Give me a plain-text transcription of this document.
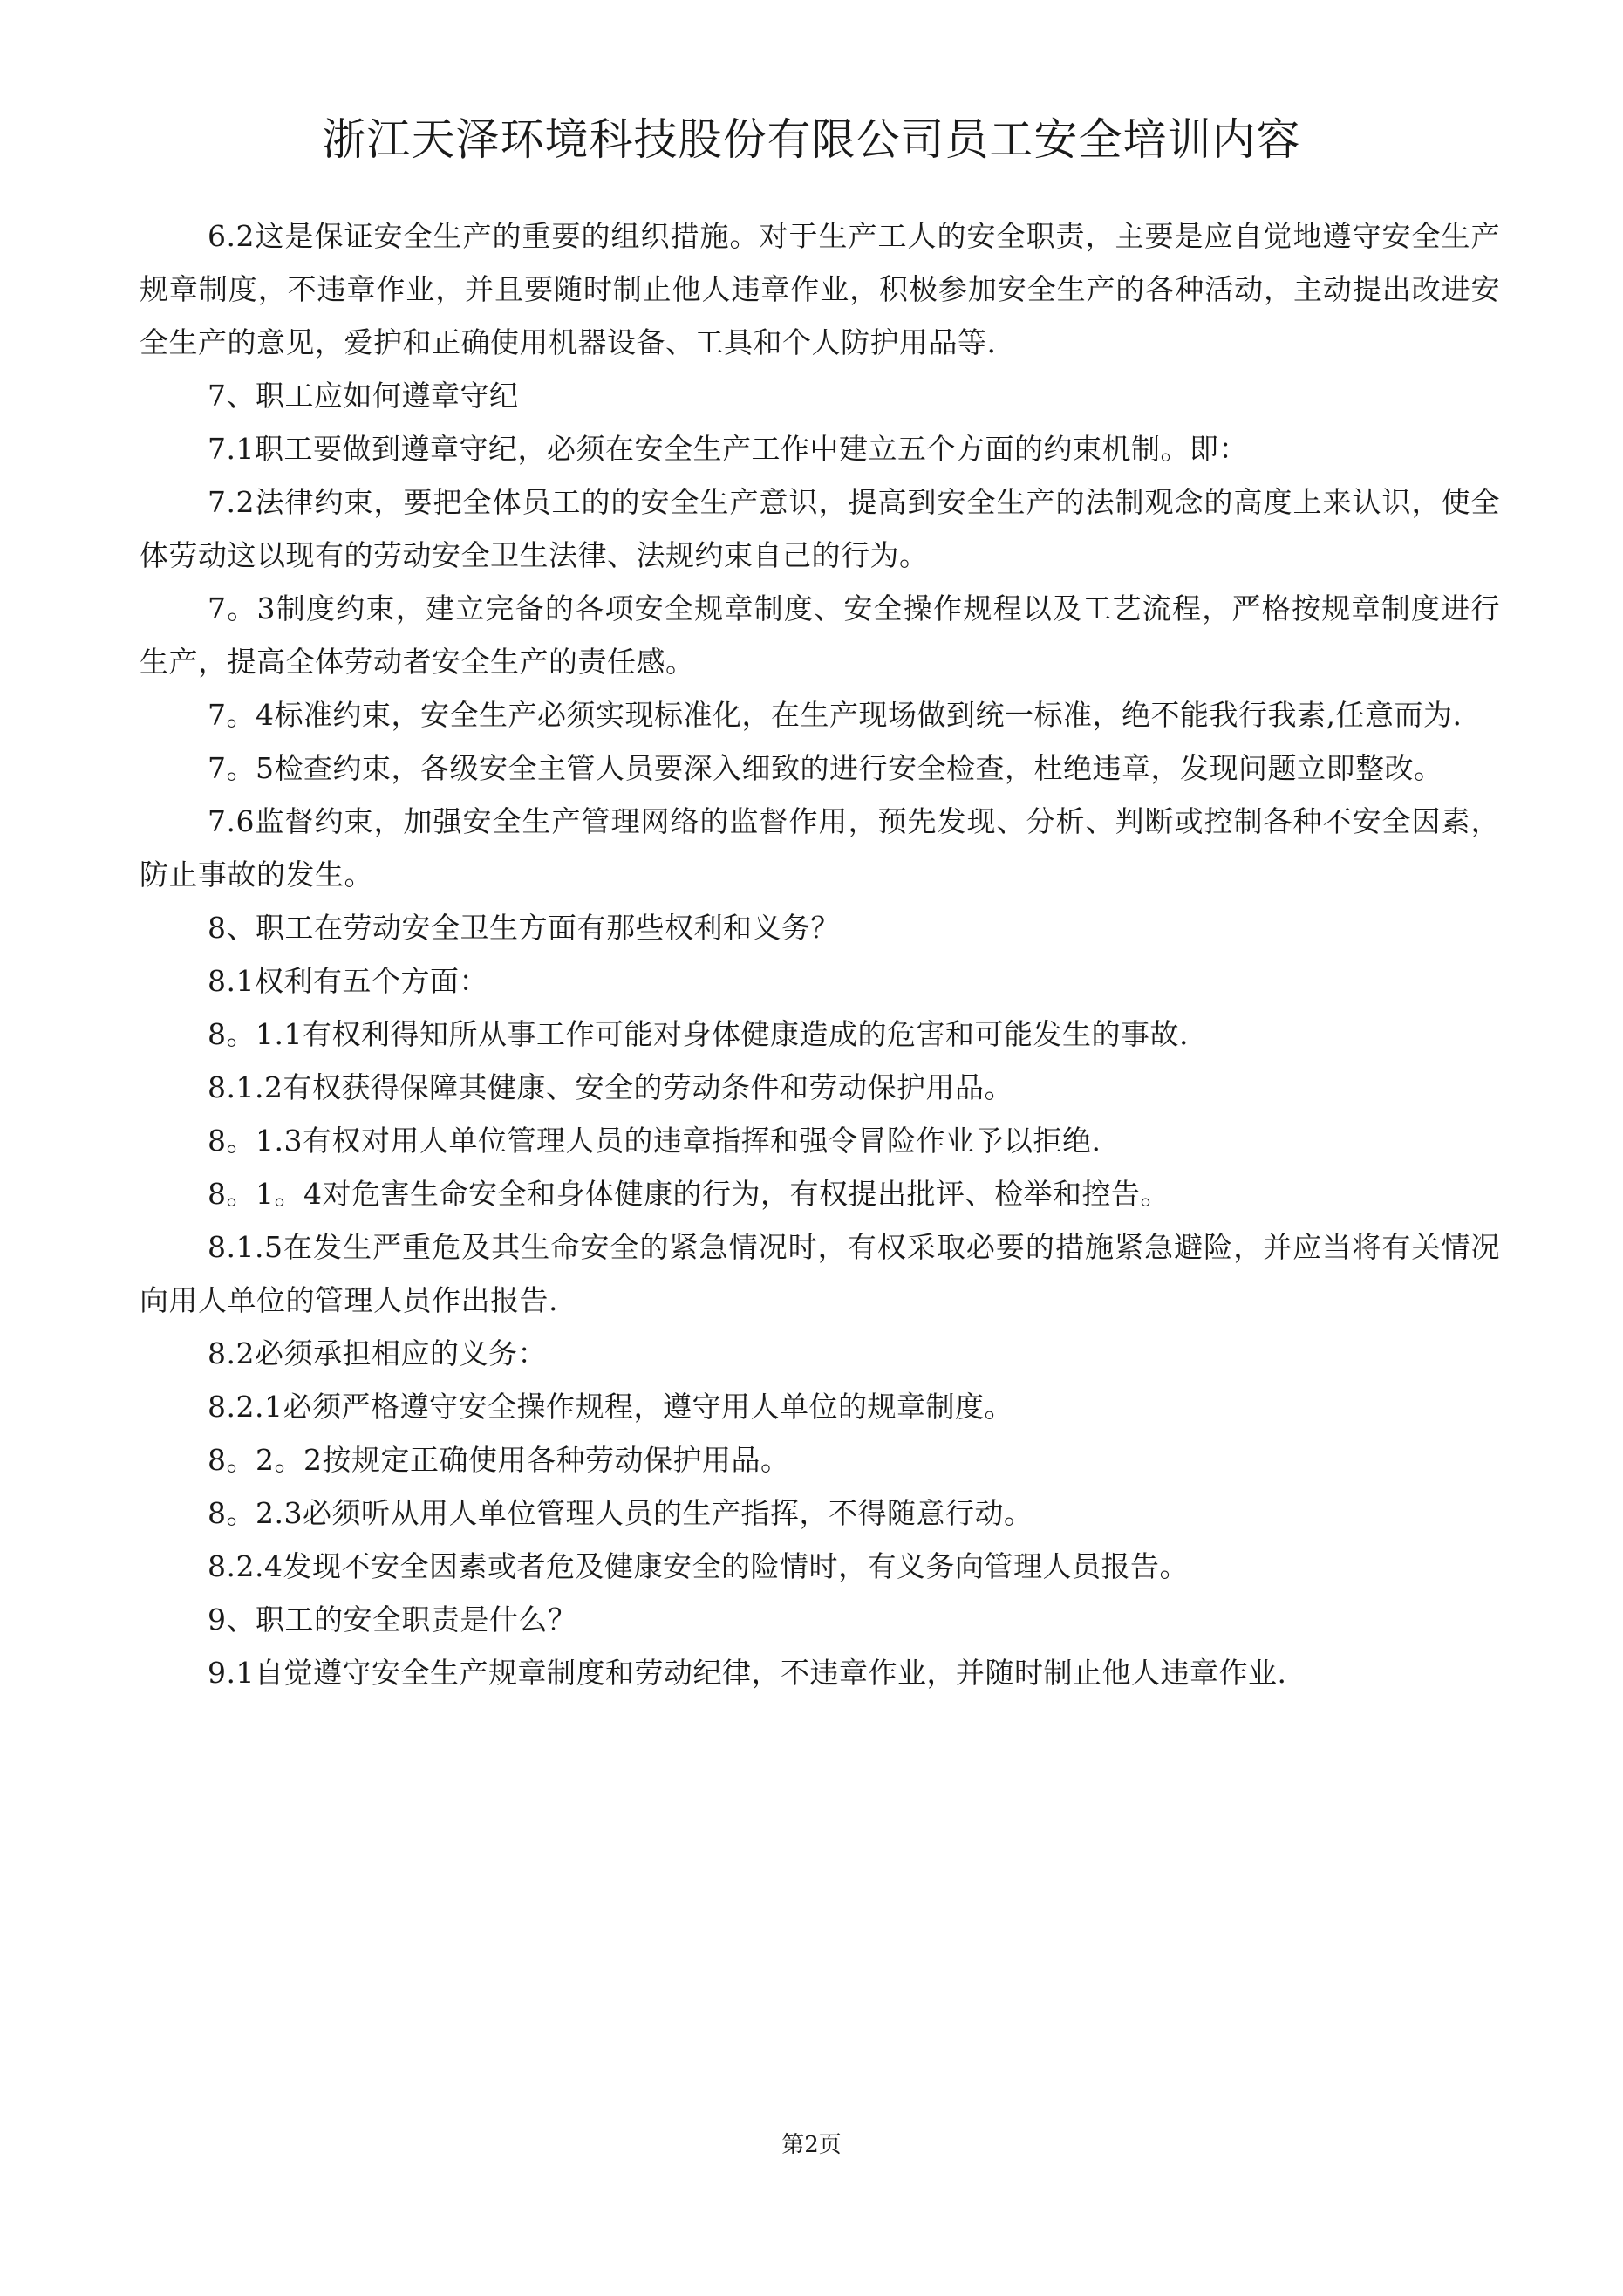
浙江天泽环境科技股份有限公司员工安全培训内容

6.2这是保证安全生产的重要的组织措施。对于生产工人的安全职责，主要是应自觉地遵守安全生产规章制度，不违章作业，并且要随时制止他人违章作业，积极参加安全生产的各种活动，主动提出改进安全生产的意见，爱护和正确使用机器设备、工具和个人防护用品等.

7、职工应如何遵章守纪

7.1职工要做到遵章守纪，必须在安全生产工作中建立五个方面的约束机制。即：

7.2法律约束，要把全体员工的的安全生产意识，提高到安全生产的法制观念的高度上来认识，使全体劳动这以现有的劳动安全卫生法律、法规约束自己的行为。

7。3制度约束，建立完备的各项安全规章制度、安全操作规程以及工艺流程，严格按规章制度进行生产，提高全体劳动者安全生产的责任感。

7。4标准约束，安全生产必须实现标准化，在生产现场做到统一标准，绝不能我行我素,任意而为.

7。5检查约束，各级安全主管人员要深入细致的进行安全检查，杜绝违章，发现问题立即整改。

7.6监督约束，加强安全生产管理网络的监督作用，预先发现、分析、判断或控制各种不安全因素，防止事故的发生。

8、职工在劳动安全卫生方面有那些权利和义务？

8.1权利有五个方面：

8。1.1有权利得知所从事工作可能对身体健康造成的危害和可能发生的事故.

8.1.2有权获得保障其健康、安全的劳动条件和劳动保护用品。

8。1.3有权对用人单位管理人员的违章指挥和强令冒险作业予以拒绝.

8。1。4对危害生命安全和身体健康的行为，有权提出批评、检举和控告。

8.1.5在发生严重危及其生命安全的紧急情况时，有权采取必要的措施紧急避险，并应当将有关情况向用人单位的管理人员作出报告.

8.2必须承担相应的义务：

8.2.1必须严格遵守安全操作规程，遵守用人单位的规章制度。

8。2。2按规定正确使用各种劳动保护用品。

8。2.3必须听从用人单位管理人员的生产指挥，不得随意行动。

8.2.4发现不安全因素或者危及健康安全的险情时，有义务向管理人员报告。

9、职工的安全职责是什么？

9.1自觉遵守安全生产规章制度和劳动纪律，不违章作业，并随时制止他人违章作业.

第2页
